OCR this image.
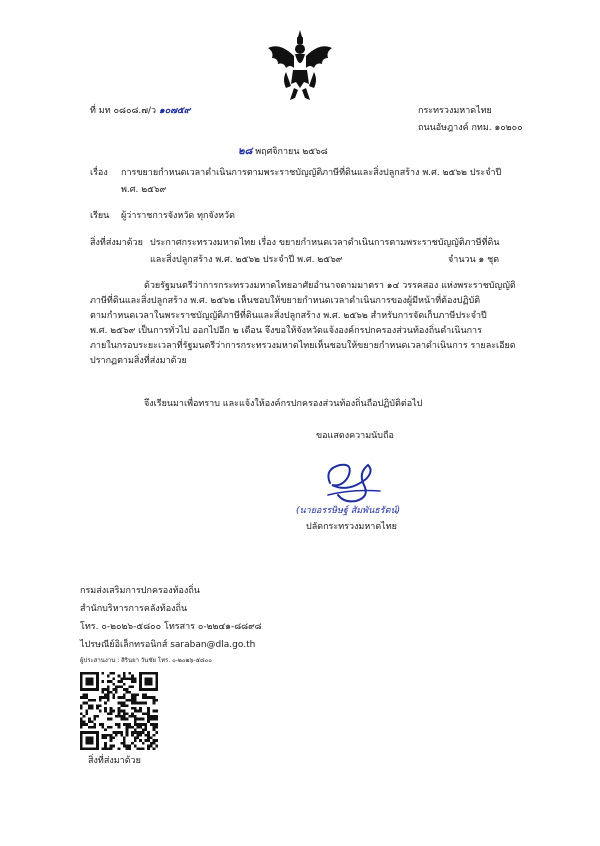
ที่ มท ๐๘๐๘.๗/ว ๑๐๗๕๙	กระทรวงมหาดไทย
ถนนอัษฎางค์ กทม. ๑๐๒๐๐
๒๘ พฤศจิกายน ๒๕๖๘
เรื่อง การขยายกำหนดเวลาดำเนินการตามพระราชบัญญัติภาษีที่ดินและสิ่งปลูกสร้าง พ.ศ. ๒๕๖๒ ประจำปี
พ.ศ. ๒๕๖๙
เรียน ผู้ว่าราชการจังหวัด ทุกจังหวัด
สิ่งที่ส่งมาด้วย ประกาศกระทรวงมหาดไทย เรื่อง ขยายกำหนดเวลาดำเนินการตามพระราชบัญญัติภาษีที่ดิน
และสิ่งปลูกสร้าง พ.ศ. ๒๕๖๒ ประจำปี พ.ศ. ๒๕๖๙	จำนวน ๑ ชุด
ด้วยรัฐมนตรีว่าการกระทรวงมหาดไทยอาศัยอำนาจตามมาตรา ๑๔ วรรคสอง แห่งพระราชบัญญัติ
ภาษีที่ดินและสิ่งปลูกสร้าง พ.ศ. ๒๕๖๒ เห็นชอบให้ขยายกำหนดเวลาดำเนินการของผู้มีหน้าที่ต้องปฏิบัติ
ตามกำหนดเวลาในพระราชบัญญัติภาษีที่ดินและสิ่งปลูกสร้าง พ.ศ. ๒๕๖๒ สำหรับการจัดเก็บภาษีประจำปี
พ.ศ. ๒๕๖๙ เป็นการทั่วไป ออกไปอีก ๒ เดือน จึงขอให้จังหวัดแจ้งองค์กรปกครองส่วนท้องถิ่นดำเนินการ
ภายในกรอบระยะเวลาที่รัฐมนตรีว่าการกระทรวงมหาดไทยเห็นชอบให้ขยายกำหนดเวลาดำเนินการ รายละเอียด
ปรากฏตามสิ่งที่ส่งมาด้วย
จึงเรียนมาเพื่อทราบ และแจ้งให้องค์กรปกครองส่วนท้องถิ่นถือปฏิบัติต่อไป
ขอแสดงความนับถือ
(นายอรรษิษฐ์ สัมพันธรัตน์)
ปลัดกระทรวงมหาดไทย
กรมส่งเสริมการปกครองท้องถิ่น
สำนักบริหารการคลังท้องถิ่น
โทร. ๐-๒๐๒๖-๕๘๐๐ โทรสาร ๐-๒๒๔๑-๘๘๙๘
ไปรษณีย์อิเล็กทรอนิกส์ saraban@dla.go.th
ผู้ประสานงาน : สิรินยา วันชัย โทร. ๐-๒๐๒๖-๕๘๐๐
สิ่งที่ส่งมาด้วย
